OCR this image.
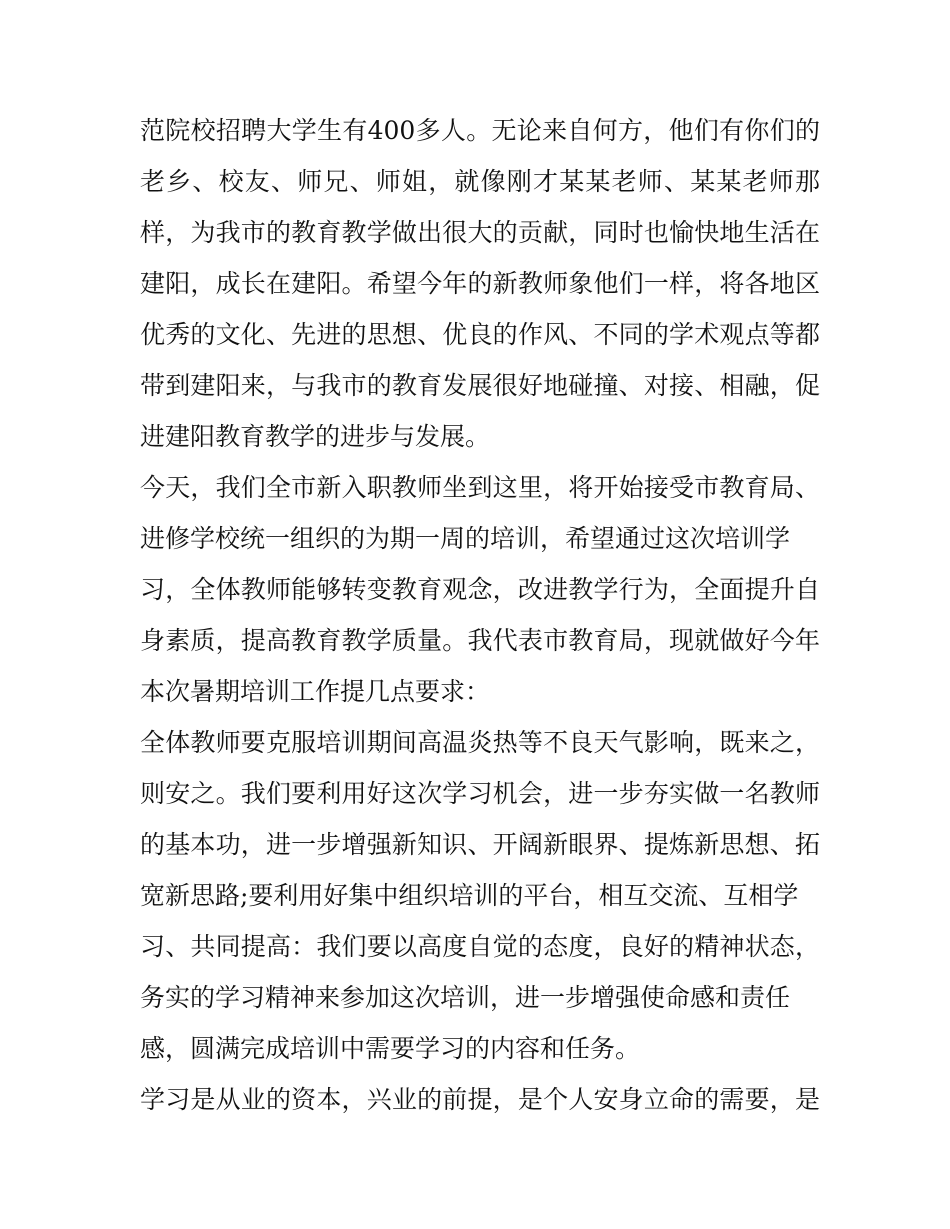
范院校招聘大学生有400多人。无论来自何方，他们有你们的
老乡、校友、师兄、师姐，就像刚才某某老师、某某老师那
样，为我市的教育教学做出很大的贡献，同时也愉快地生活在
建阳，成长在建阳。希望今年的新教师象他们一样，将各地区
优秀的文化、先进的思想、优良的作风、不同的学术观点等都
带到建阳来，与我市的教育发展很好地碰撞、对接、相融，促
进建阳教育教学的进步与发展。
今天，我们全市新入职教师坐到这里，将开始接受市教育局、
进修学校统一组织的为期一周的培训，希望通过这次培训学
习，全体教师能够转变教育观念，改进教学行为，全面提升自
身素质，提高教育教学质量。我代表市教育局，现就做好今年
本次暑期培训工作提几点要求：
全体教师要克服培训期间高温炎热等不良天气影响，既来之，
则安之。我们要利用好这次学习机会，进一步夯实做一名教师
的基本功，进一步增强新知识、开阔新眼界、提炼新思想、拓
宽新思路;要利用好集中组织培训的平台，相互交流、互相学
习、共同提高：我们要以高度自觉的态度，良好的精神状态，
务实的学习精神来参加这次培训，进一步增强使命感和责任
感，圆满完成培训中需要学习的内容和任务。
学习是从业的资本，兴业的前提，是个人安身立命的需要，是
